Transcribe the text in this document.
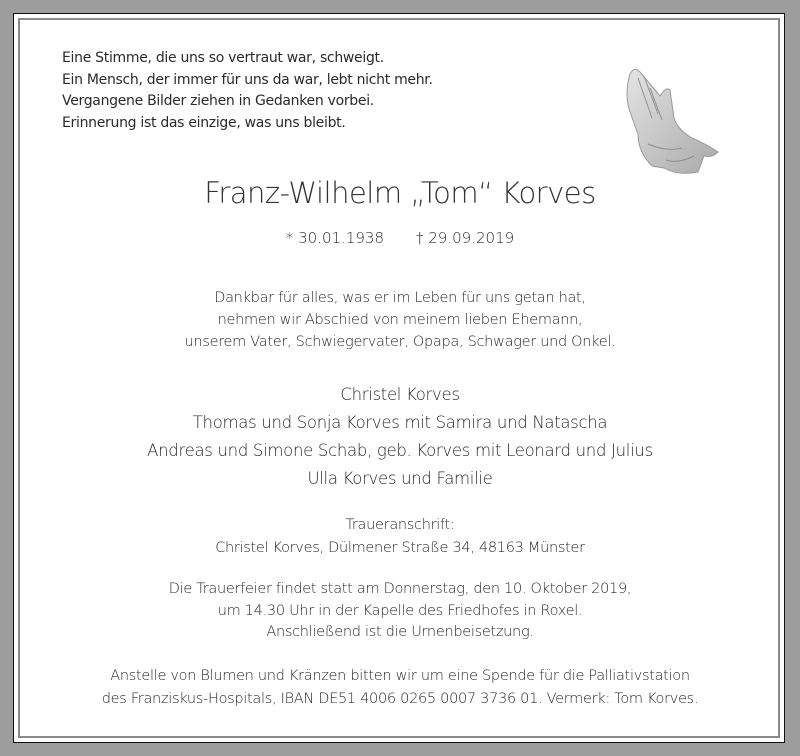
Eine Stimme, die uns so vertraut war, schweigt.
Ein Mensch, der immer für uns da war, lebt nicht mehr.
Vergangene Bilder ziehen in Gedanken vorbei.
Erinnerung ist das einzige, was uns bleibt.
Franz-Wilhelm „Tom“ Korves
* 30.01.1938 † 29.09.2019
Dankbar für alles, was er im Leben für uns getan hat,
nehmen wir Abschied von meinem lieben Ehemann,
unserem Vater, Schwiegervater, Opapa, Schwager und Onkel.
Christel Korves
Thomas und Sonja Korves mit Samira und Natascha
Andreas und Simone Schab, geb. Korves mit Leonard und Julius
Ulla Korves und Familie
Traueranschrift:
Christel Korves, Dülmener Straße 34, 48163 Münster
Die Trauerfeier findet statt am Donnerstag, den 10. Oktober 2019,
um 14.30 Uhr in der Kapelle des Friedhofes in Roxel.
Anschließend ist die Urnenbeisetzung.
Anstelle von Blumen und Kränzen bitten wir um eine Spende für die Palliativstation
des Franziskus-Hospitals, IBAN DE51 4006 0265 0007 3736 01. Vermerk: Tom Korves.
